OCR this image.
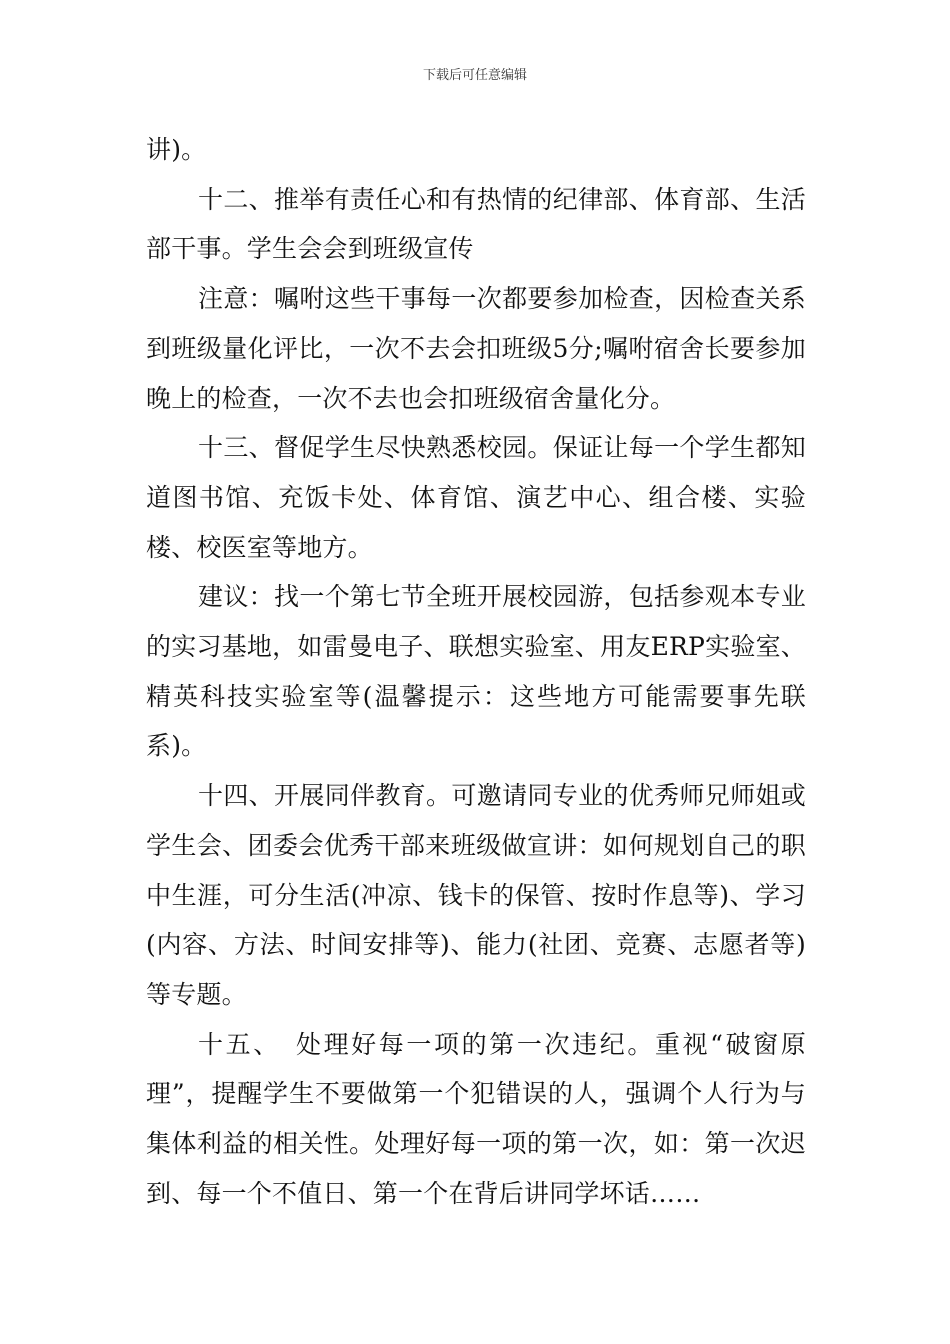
下载后可任意编辑

讲)。

十二、推举有责任心和有热情的纪律部、体育部、生活部干事。学生会会到班级宣传

注意：嘱咐这些干事每一次都要参加检查，因检查关系到班级量化评比，一次不去会扣班级5分;嘱咐宿舍长要参加晚上的检查，一次不去也会扣班级宿舍量化分。

十三、督促学生尽快熟悉校园。保证让每一个学生都知道图书馆、充饭卡处、体育馆、演艺中心、组合楼、实验楼、校医室等地方。

建议：找一个第七节全班开展校园游，包括参观本专业的实习基地，如雷曼电子、联想实验室、用友ERP实验室、精英科技实验室等(温馨提示：这些地方可能需要事先联系)。

十四、开展同伴教育。可邀请同专业的优秀师兄师姐或学生会、团委会优秀干部来班级做宣讲：如何规划自己的职中生涯，可分生活(冲凉、钱卡的保管、按时作息等)、学习(内容、方法、时间安排等)、能力(社团、竞赛、志愿者等)等专题。

十五、　处理好每一项的第一次违纪。重视“破窗原理”，提醒学生不要做第一个犯错误的人，强调个人行为与集体利益的相关性。处理好每一项的第一次，如：第一次迟到、每一个不值日、第一个在背后讲同学坏话……
